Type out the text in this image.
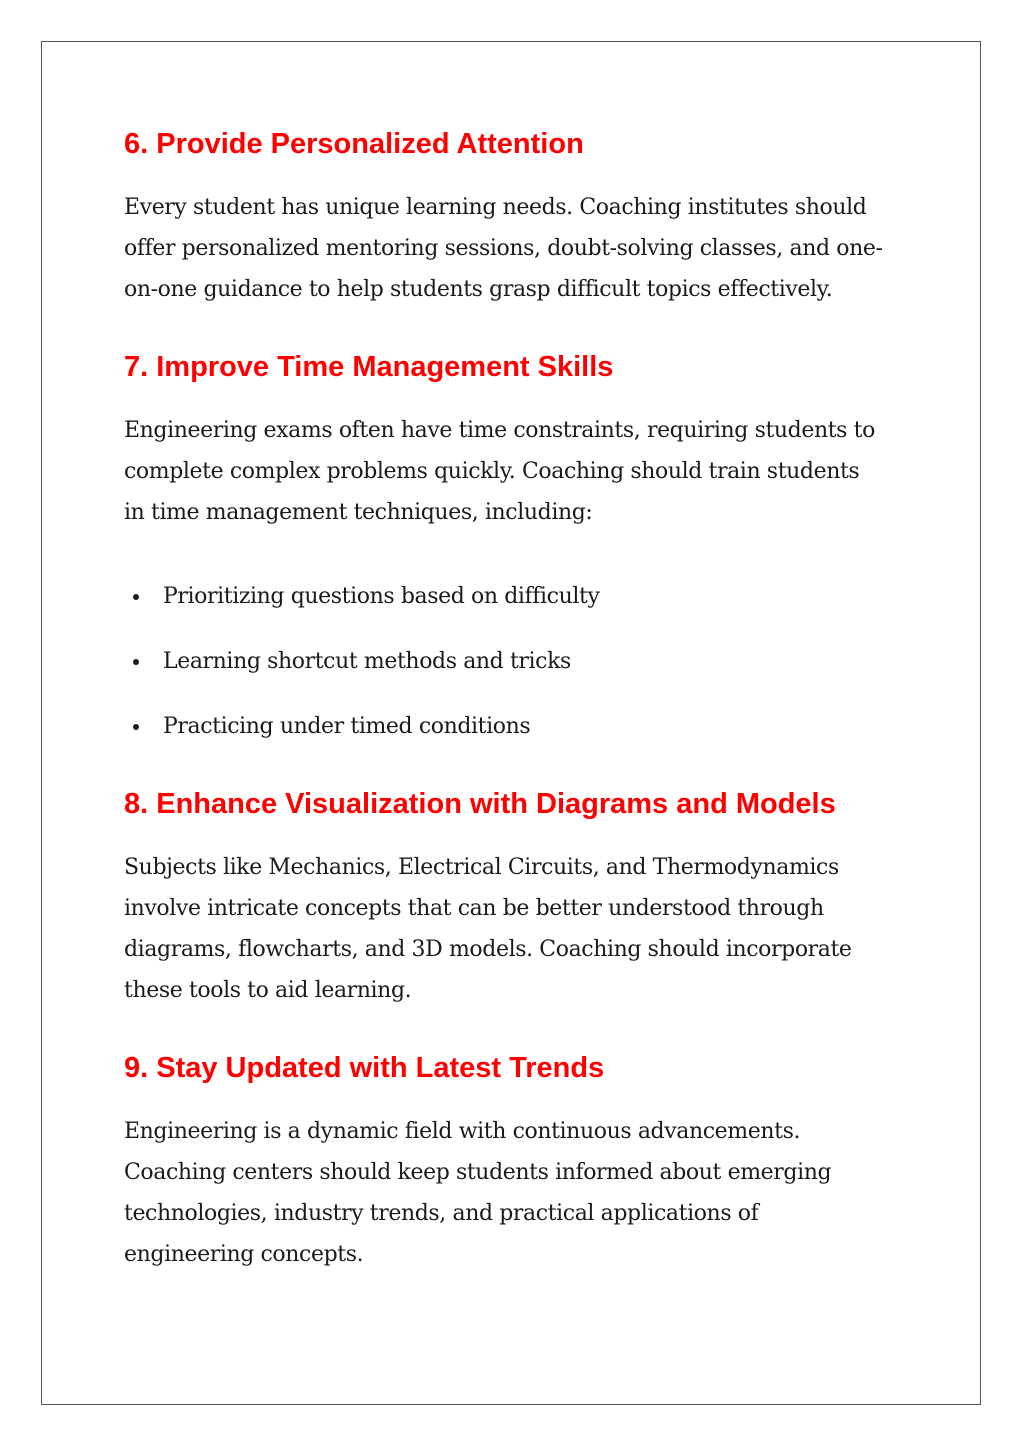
6. Provide Personalized Attention

Every student has unique learning needs. Coaching institutes should offer personalized mentoring sessions, doubt-solving classes, and one-on-one guidance to help students grasp difficult topics effectively.

7. Improve Time Management Skills

Engineering exams often have time constraints, requiring students to complete complex problems quickly. Coaching should train students in time management techniques, including:

Prioritizing questions based on difficulty
Learning shortcut methods and tricks
Practicing under timed conditions
8. Enhance Visualization with Diagrams and Models

Subjects like Mechanics, Electrical Circuits, and Thermodynamics involve intricate concepts that can be better understood through diagrams, flowcharts, and 3D models. Coaching should incorporate these tools to aid learning.

9. Stay Updated with Latest Trends

Engineering is a dynamic field with continuous advancements. Coaching centers should keep students informed about emerging technologies, industry trends, and practical applications of engineering concepts.
